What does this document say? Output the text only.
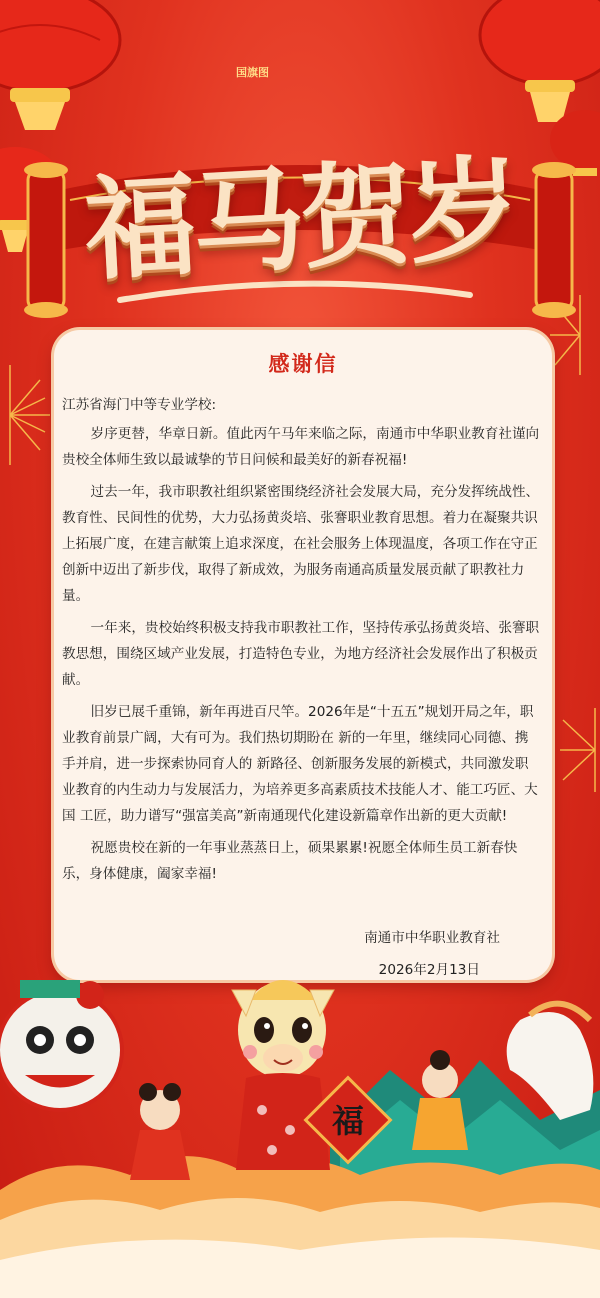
国旗图
福马贺岁
感谢信

江苏省海门中等专业学校:

岁序更替，华章日新。值此丙午马年来临之际，南通市中华职业教育社谨向贵校全体师生致以最诚挚的节日问候和最美好的新春祝福!

过去一年，我市职教社组织紧密围绕经济社会发展大局，充分发挥统战性、教育性、民间性的优势，大力弘扬黄炎培、张謇职业教育思想。着力在凝聚共识上拓展广度，在建言献策上追求深度，在社会服务上体现温度，各项工作在守正创新中迈出了新步伐，取得了新成效，为服务南通高质量发展贡献了职教社力量。

一年来，贵校始终积极支持我市职教社工作，坚持传承弘扬黄炎培、张謇职教思想，围绕区域产业发展，打造特色专业，为地方经济社会发展作出了积极贡献。

旧岁已展千重锦，新年再进百尺竿。2026年是“十五五”规划开局之年，职业教育前景广阔，大有可为。我们热切期盼在 新的一年里，继续同心同德、携手并肩，进一步探索协同育人的 新路径、创新服务发展的新模式，共同激发职业教育的内生动力与发展活力，为培养更多高素质技术技能人才、能工巧匠、大国 工匠，助力谱写“强富美高”新南通现代化建设新篇章作出新的更大贡献!

祝愿贵校在新的一年事业蒸蒸日上，硕果累累!祝愿全体师生员工新春快乐，身体健康，阖家幸福!

南通市中华职业教育社
2026年2月13日
福
